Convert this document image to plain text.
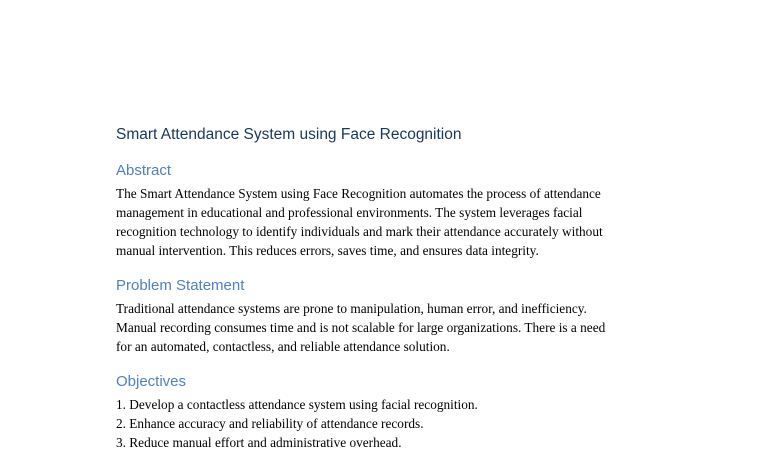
Smart Attendance System using Face Recognition
Abstract

The Smart Attendance System using Face Recognition automates the process of attendance

management in educational and professional environments. The system leverages facial

recognition technology to identify individuals and mark their attendance accurately without

manual intervention. This reduces errors, saves time, and ensures data integrity.

Problem Statement

Traditional attendance systems are prone to manipulation, human error, and inefficiency.

Manual recording consumes time and is not scalable for large organizations. There is a need

for an automated, contactless, and reliable attendance solution.

Objectives

1. Develop a contactless attendance system using facial recognition.

2. Enhance accuracy and reliability of attendance records.

3. Reduce manual effort and administrative overhead.
